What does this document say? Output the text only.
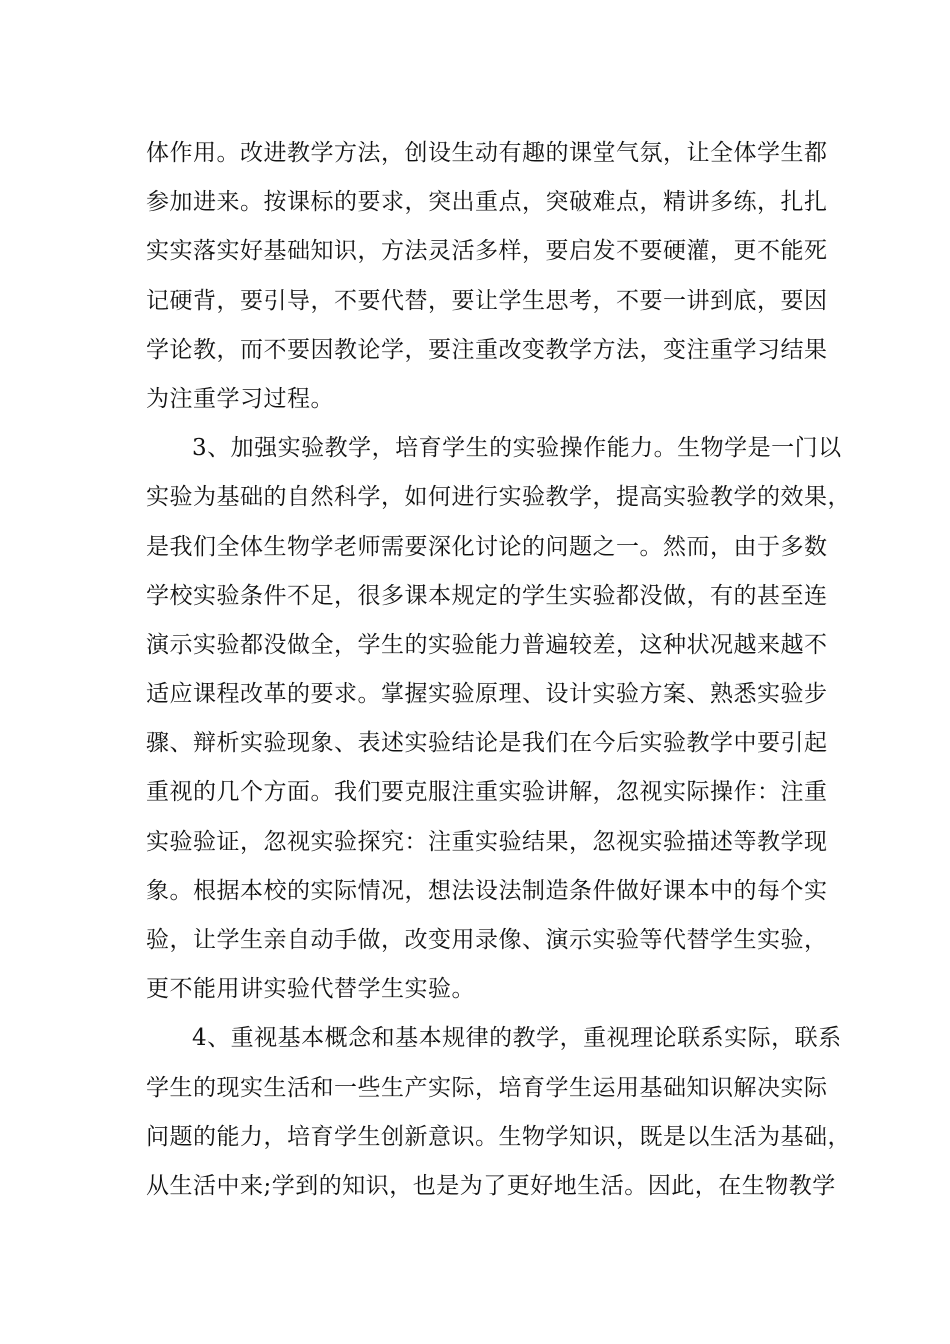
体作用。改进教学方法，创设生动有趣的课堂气氛，让全体学生都
参加进来。按课标的要求，突出重点，突破难点，精讲多练，扎扎
实实落实好基础知识，方法灵活多样，要启发不要硬灌，更不能死
记硬背，要引导，不要代替，要让学生思考，不要一讲到底，要因
学论教，而不要因教论学，要注重改变教学方法，变注重学习结果
为注重学习过程。
3、加强实验教学，培育学生的实验操作能力。生物学是一门以
实验为基础的自然科学，如何进行实验教学，提高实验教学的效果，
是我们全体生物学老师需要深化讨论的问题之一。然而，由于多数
学校实验条件不足，很多课本规定的学生实验都没做，有的甚至连
演示实验都没做全，学生的实验能力普遍较差，这种状况越来越不
适应课程改革的要求。掌握实验原理、设计实验方案、熟悉实验步
骤、辩析实验现象、表述实验结论是我们在今后实验教学中要引起
重视的几个方面。我们要克服注重实验讲解，忽视实际操作：注重
实验验证，忽视实验探究：注重实验结果，忽视实验描述等教学现
象。根据本校的实际情况，想法设法制造条件做好课本中的每个实
验，让学生亲自动手做，改变用录像、演示实验等代替学生实验，
更不能用讲实验代替学生实验。
4、重视基本概念和基本规律的教学，重视理论联系实际，联系
学生的现实生活和一些生产实际，培育学生运用基础知识解决实际
问题的能力，培育学生创新意识。生物学知识，既是以生活为基础，
从生活中来;学到的知识，也是为了更好地生活。因此，在生物教学
